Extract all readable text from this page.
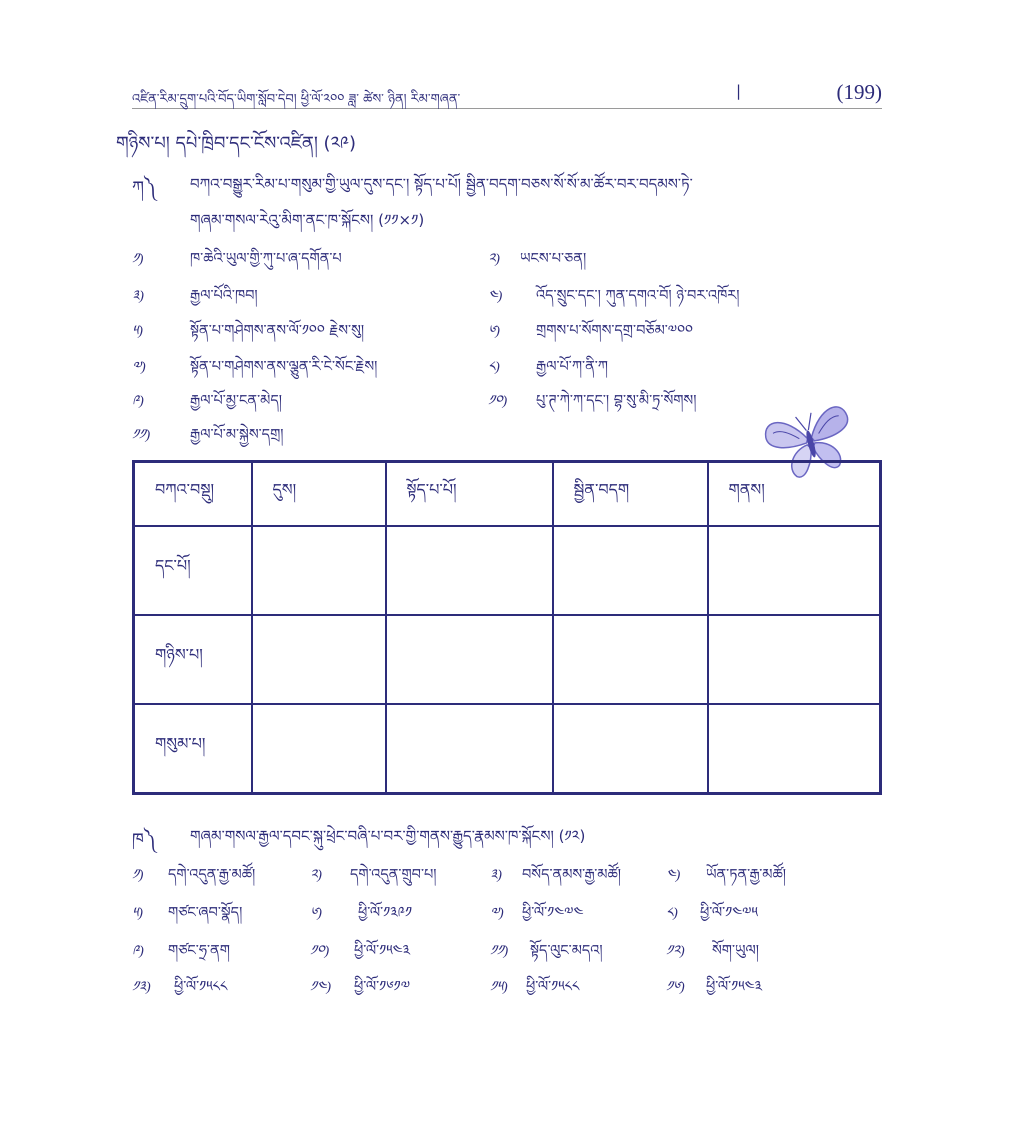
འཛིན་རིམ་དྲུག་པའི་བོད་ཡིག་སློབ་དེབ། ཕྱི་ལོ་༢༠༠ ཟླ་ ཚེས་ ཉིན། རིམ་གཞན་	|	(199)
གཉིས་པ། དཔེ་ཁྲིབ་དང་ངོས་འཛིན། (༢༩)
ཀ༽ བཀའ་བསྒྱུར་རིམ་པ་གསུམ་གྱི་ཡུལ་དུས་དང་། སྟོད་པ་པོ། སྦྱིན་བདག་བཅས་སོ་སོ་མ་ཚོར་བར་བདམས་ཏེ་
གཞམ་གསལ་རེའུ་མིག་ནང་ཁ་སྐོངས། (༡༡×༡)
༡)	ཁ་ཆེའི་ཡུལ་གྱི་ཀུ་པ་ཞ་དགོན་པ	༢) ཡངས་པ་ཅན།
༣)	རྒྱལ་པོའི་ཁབ།	༤) འོད་སྲུང་དང་། ཀུན་དགའ་བོ། ཉེ་བར་འཁོར།
༥)	སྟོན་པ་གཤེགས་ནས་ལོ་༡༠༠ རྗེས་སུ།	༦) གྲགས་པ་སོགས་དགྲ་བཅོམ་༧༠༠
༧)	སྟོན་པ་གཤེགས་ནས་ལྕུན་རི་ངེ་སོང་རྗེས།	༨) རྒྱལ་པོ་ཀ་ནི་ཀ
༩)	རྒྱལ་པོ་མྱ་ངན་མེད།	༡༠) པུ་ཊ་ཀེ་ཀ་དང་། བྷ་སུ་མི་ཏྲ་སོགས།
༡༡)	རྒྱལ་པོ་མ་སྐྱེས་དགྲ།
བཀའ་བསྡུ།	དུས།	སྟོད་པ་པོ།	སྦྱིན་བདག	གནས།
དང་པོ།				
གཉིས་པ།				
གསུམ་པ།				
ཁ༽ གཞམ་གསལ་རྒྱལ་དབང་སྐུ་ཕྲེང་བཞི་པ་བར་གྱི་གནས་རྒྱུད་རྣམས་ཁ་སྐོངས། (༡༢)
༡) དགེ་འདུན་རྒྱ་མཚོ།	༢) དགེ་འདུན་གྲུབ་པ།	༣) བསོད་ནམས་རྒྱ་མཚོ།	༤) ཡོན་ཏན་རྒྱ་མཚོ།
༥) གཙང་ཞབ་སྣོད།	༦) ཕྱི་ལོ་༡༣༩༡	༧) ཕྱི་ལོ་༡༤༧༤	༨) ཕྱི་ལོ་༡༤༧༥
༩) གཙང་ཧྲ་ནག	༡༠) ཕྱི་ལོ་༡༥༤༣	༡༡) སྟོད་ལུང་མདའ།	༡༢) སོག་ཡུལ།
༡༣) ཕྱི་ལོ་༡༥༨༨	༡༤) ཕྱི་ལོ་༡༦༡༧	༡༥) ཕྱི་ལོ་༡༥༨༨	༡༦) ཕྱི་ལོ་༡༥༤༣
